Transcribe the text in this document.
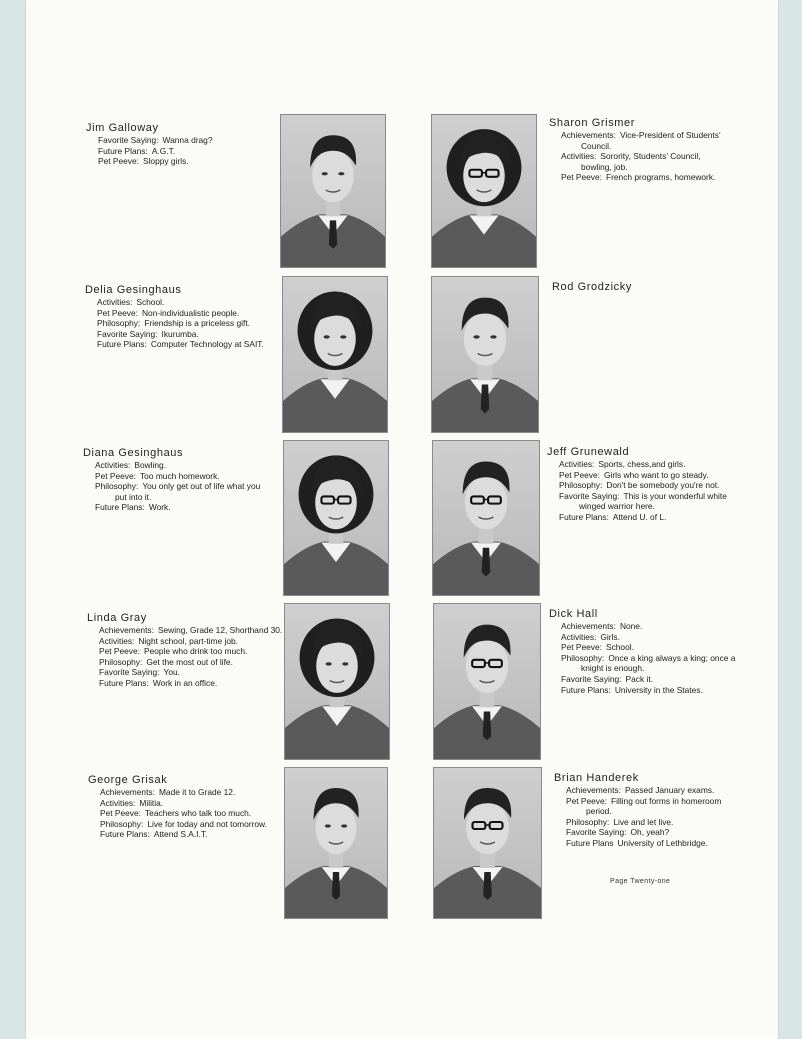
Jim Galloway
Favorite Saying: Wanna drag?
Future Plans: A.G.T.
Pet Peeve: Sloppy girls.
Delia Gesinghaus
Activities: School.
Pet Peeve: Non-individualistic people.
Philosophy: Friendship is a priceless gift.
Favorite Saying: Ikurumba.
Future Plans: Computer Technology at SAIT.
Diana Gesinghaus
Activities: Bowling.
Pet Peeve: Too much homework.
Philosophy: You only get out of life what you
put into it.
Future Plans: Work.
Linda Gray
Achievements: Sewing, Grade 12, Shorthand 30.
Activities: Night school, part-time job.
Pet Peeve: People who drink too much.
Philosophy: Get the most out of life.
Favorite Saying: You.
Future Plans: Work in an office.
George Grisak
Achievements: Made it to Grade 12.
Activities: Militia.
Pet Peeve: Teachers who talk too much.
Philosophy: Live for today and not tomorrow.
Future Plans: Attend S.A.I.T.
Sharon Grismer
Achievements: Vice-President of Students'
Council.
Activities: Sorority, Students' Council,
bowling, job.
Pet Peeve: French programs, homework.
Rod Grodzicky
Jeff Grunewald
Activities: Sports, chess,and girls.
Pet Peeve: Girls who want to go steady.
Philosophy: Don't be somebody you're not.
Favorite Saying: This is your wonderful white
winged warrior here.
Future Plans: Attend U. of L.
Dick Hall
Achievements: None.
Activities: Girls.
Pet Peeve: School.
Philosophy: Once a king always a king; once a
knight is enough.
Favorite Saying: Pack it.
Future Plans: University in the States.
Brian Handerek
Achievements: Passed January exams.
Pet Peeve: Filling out forms in homeroom
period.
Philosophy: Live and let live.
Favorite Saying: Oh, yeah?
Future Plans University of Lethbridge.
Page Twenty-one
